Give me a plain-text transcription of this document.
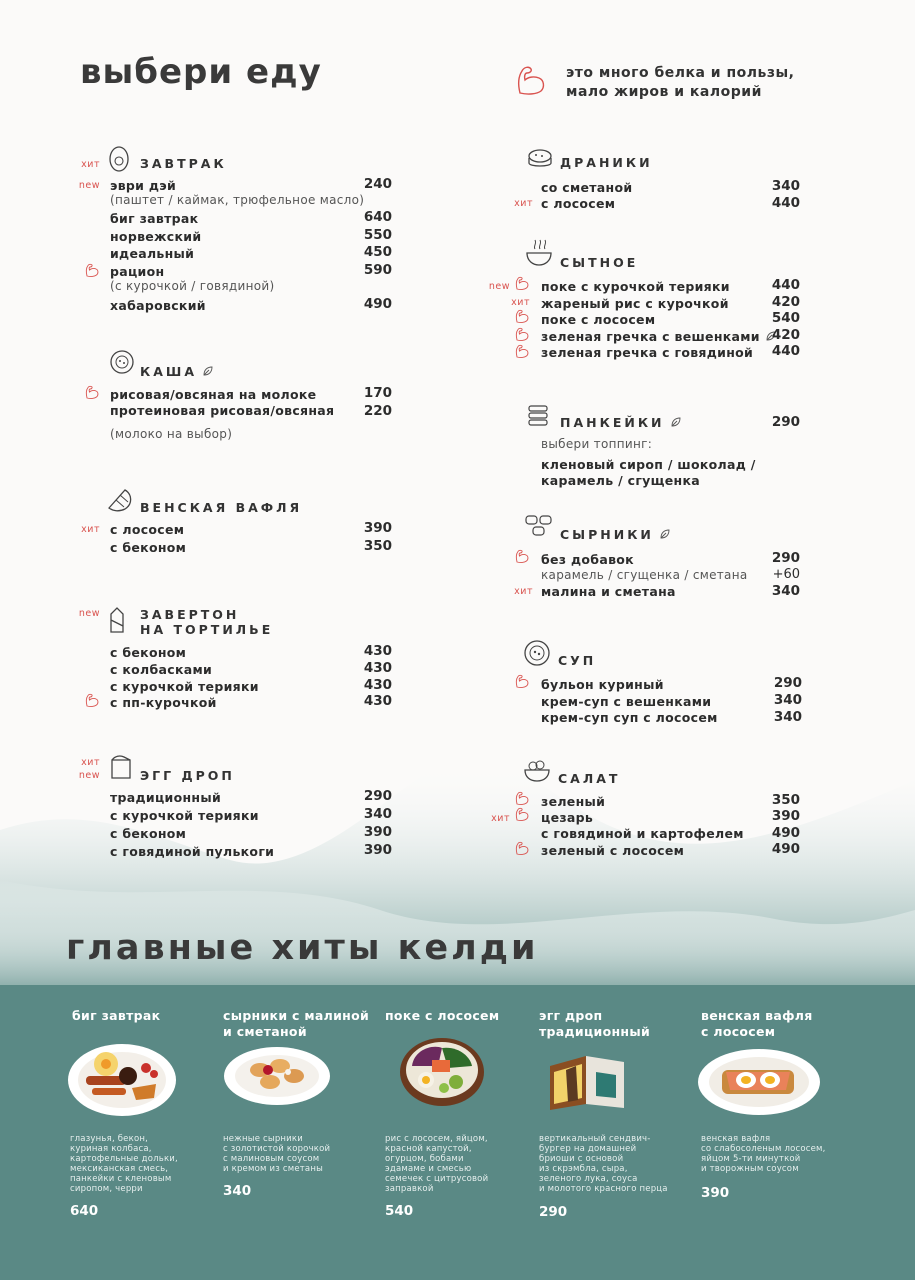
выбери еду	это много белка и пользы,
мало жиров и калорий
хит	ЗАВТРАК
new эври дэй	240
(паштет / каймак, трюфельное масло)
биг завтрак	640
норвежский	550
идеальный	450
рацион	590
(с курочкой / говядиной)
хабаровский	490
КАША
рисовая/овсяная на молоке	170
протеиновая рисовая/овсяная	220
(молоко на выбор)
ВЕНСКАЯ ВАФЛЯ
хит с лососем	390
с беконом	350
new	ЗАВЕРТОН
НА ТОРТИЛЬЕ
с беконом	430
с колбасками	430
с курочкой терияки	430
с пп-курочкой	430
хит
new	ЭГГ ДРОП
традиционный	290
с курочкой терияки	340
с беконом	390
с говядиной пулькоги	390
ДРАНИКИ
со сметаной	340
хит с лососем	440
СЫТНОЕ
new поке с курочкой терияки	440
хит жареный рис с курочкой	420
поке с лососем	540
зеленая гречка с вешенками 420
зеленая гречка с говядиной	440
ПАНКЕЙКИ	290
выбери топпинг:
кленовый сироп / шоколад /
карамель / сгущенка
СЫРНИКИ
без добавок	290
карамель / сгущенка / сметана	+60
хит малина и сметана	340
СУП
бульон куриный	290
крем-суп с вешенками	340
крем-суп суп с лососем	340
САЛАТ
зеленый	350
хит цезарь	390
с говядиной и картофелем	490
зеленый с лососем	490
главные хиты келди
биг завтрак
глазунья, бекон,
куриная колбаса,
картофельные дольки,
мексиканская смесь,
панкейки с кленовым
сиропом, черри
640
сырники с малиной
и сметаной
нежные сырники
с золотистой корочкой
с малиновым соусом
и кремом из сметаны
340
поке с лососем
рис с лососем, яйцом,
красной капустой,
огурцом, бобами
эдамаме и смесью
семечек с цитрусовой
заправкой
540
эгг дроп
традиционный
вертикальный сендвич-
бургер на домашней
бриоши с основой
из скрэмбла, сыра,
зеленого лука, соуса
и молотого красного перца
290
венская вафля
с лососем
венская вафля
со слабосоленым лососем,
яйцом 5-ти минуткой
и творожным соусом
390
